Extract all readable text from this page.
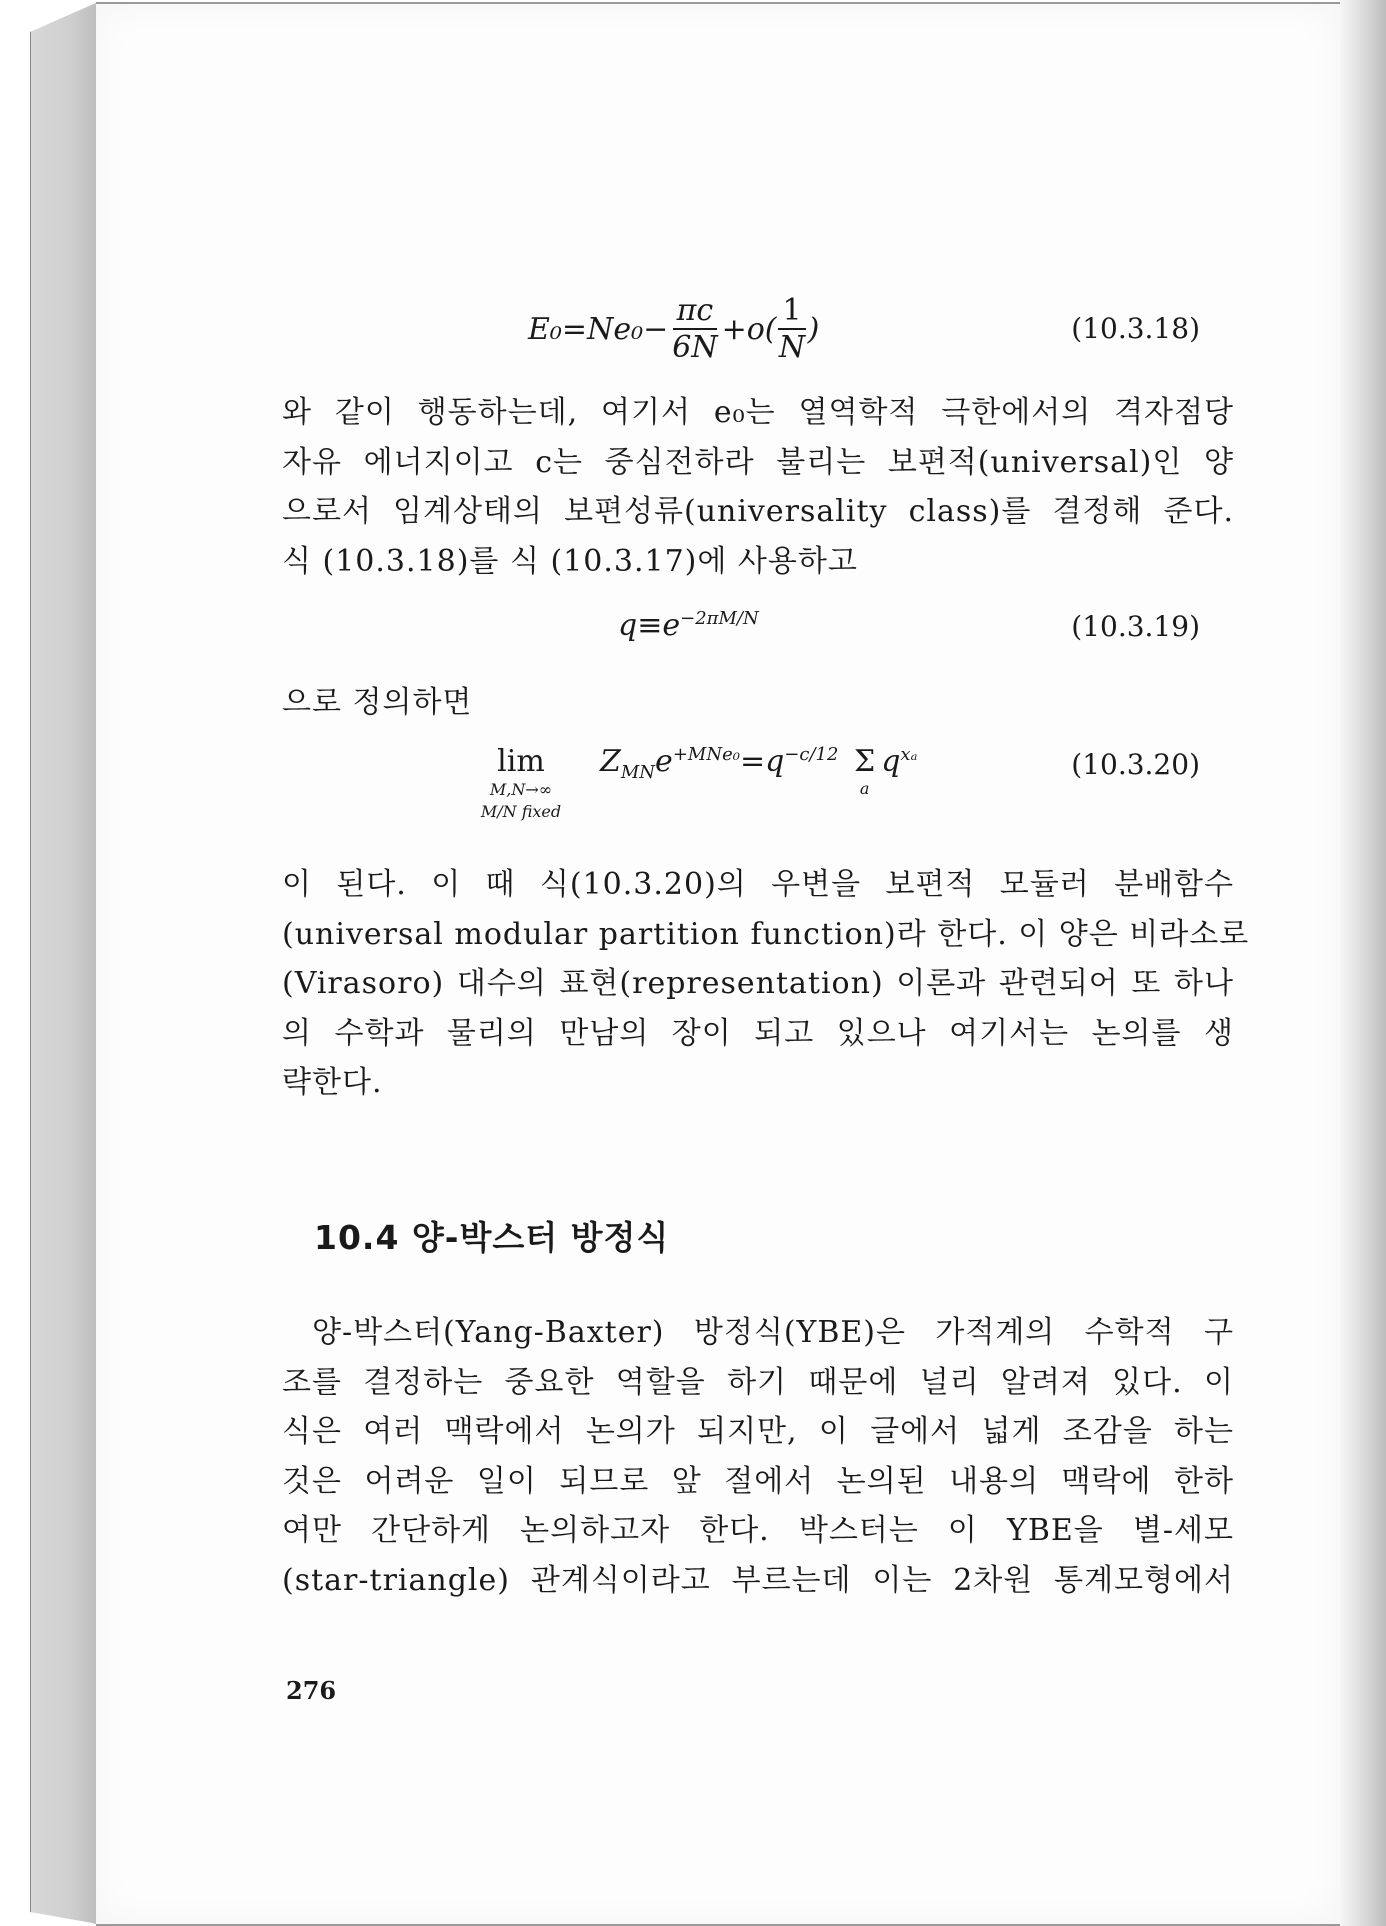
$E_0=Ne_0- \frac{\pi c}{6N} +o( \frac{1}{N}$ )	(10.3.18)
와 같이 행동하는데, 여기서 e₀는 열역학적 극한에서의 격자점당
자유 에너지이고 c는 중심전하라 불리는 보편적(universal)인 양
으로서 임계상태의 보편성류(universality class)를 결정해 준다.
식 (10.3.18)를 식 (10.3.17)에 사용하고
$q\equiv e^{-2\pi M/N}$	(10.3.19)
으로 정의하면
lim
M,N→∞
M/N fixed
$Z_{MN}e^{+MNe_0}=q^{-c/12}$ Σ
a
$q^{x_a}$	(10.3.20)
이 된다. 이 때 식(10.3.20)의 우변을 보편적 모듈러 분배함수
(universal modular partition function)라 한다. 이 양은 비라소로
(Virasoro) 대수의 표현(representation) 이론과 관련되어 또 하나
의 수학과 물리의 만남의 장이 되고 있으나 여기서는 논의를 생
략한다.
10.4 양-박스터 방정식
양-박스터(Yang-Baxter) 방정식(YBE)은 가적계의 수학적 구
조를 결정하는 중요한 역할을 하기 때문에 널리 알려져 있다. 이
식은 여러 맥락에서 논의가 되지만, 이 글에서 넓게 조감을 하는
것은 어려운 일이 되므로 앞 절에서 논의된 내용의 맥락에 한하
여만 간단하게 논의하고자 한다. 박스터는 이 YBE을 별-세모
(star-triangle) 관계식이라고 부르는데 이는 2차원 통계모형에서
276
